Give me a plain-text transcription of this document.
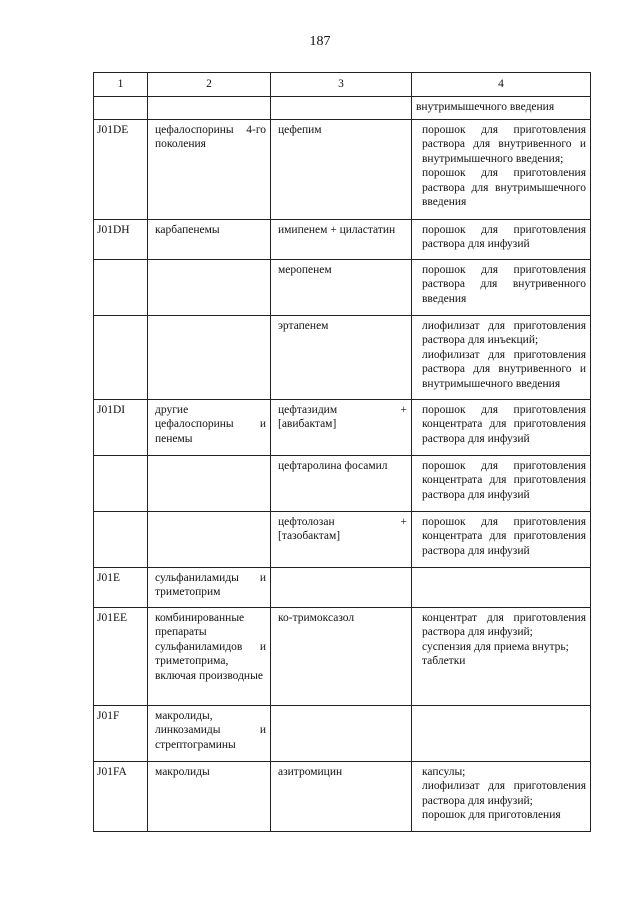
187
1	2	3	4

			внутримышечного введения

J01DE	цефалоспорины 4-го поколения	цефепим	порошок для приготовления раствора для внутривенного и внутримышечного введения;
порошок для приготовления раствора для внутримышечного введения

J01DH	карбапенемы	имипенем + циластатин	порошок для приготовления раствора для инфузий

		меропенем	порошок для приготовления раствора для внутривенного введения

		эртапенем	лиофилизат для приготовления раствора для инъекций;
лиофилизат для приготовления раствора для внутривенного и внутримышечного введения

J01DI	другие цефалоспорины и пенемы	цефтазидим + [авибактам]	порошок для приготовления концентрата для приготовления раствора для инфузий

		цефтаролина фосамил	порошок для приготовления концентрата для приготовления раствора для инфузий

		цефтолозан + [тазобактам]	порошок для приготовления концентрата для приготовления раствора для инфузий

J01E	сульфаниламиды и триметоприм		
J01EE	комбинированные препараты сульфаниламидов и триметоприма, включая производные	ко-тримоксазол	концентрат для приготовления раствора для инфузий;
суспензия для приема внутрь;
таблетки

J01F	макролиды, линкозамиды и стрептограмины		
J01FA	макролиды	азитромицин	капсулы;
лиофилизат для приготовления раствора для инфузий;
порошок для приготовления
